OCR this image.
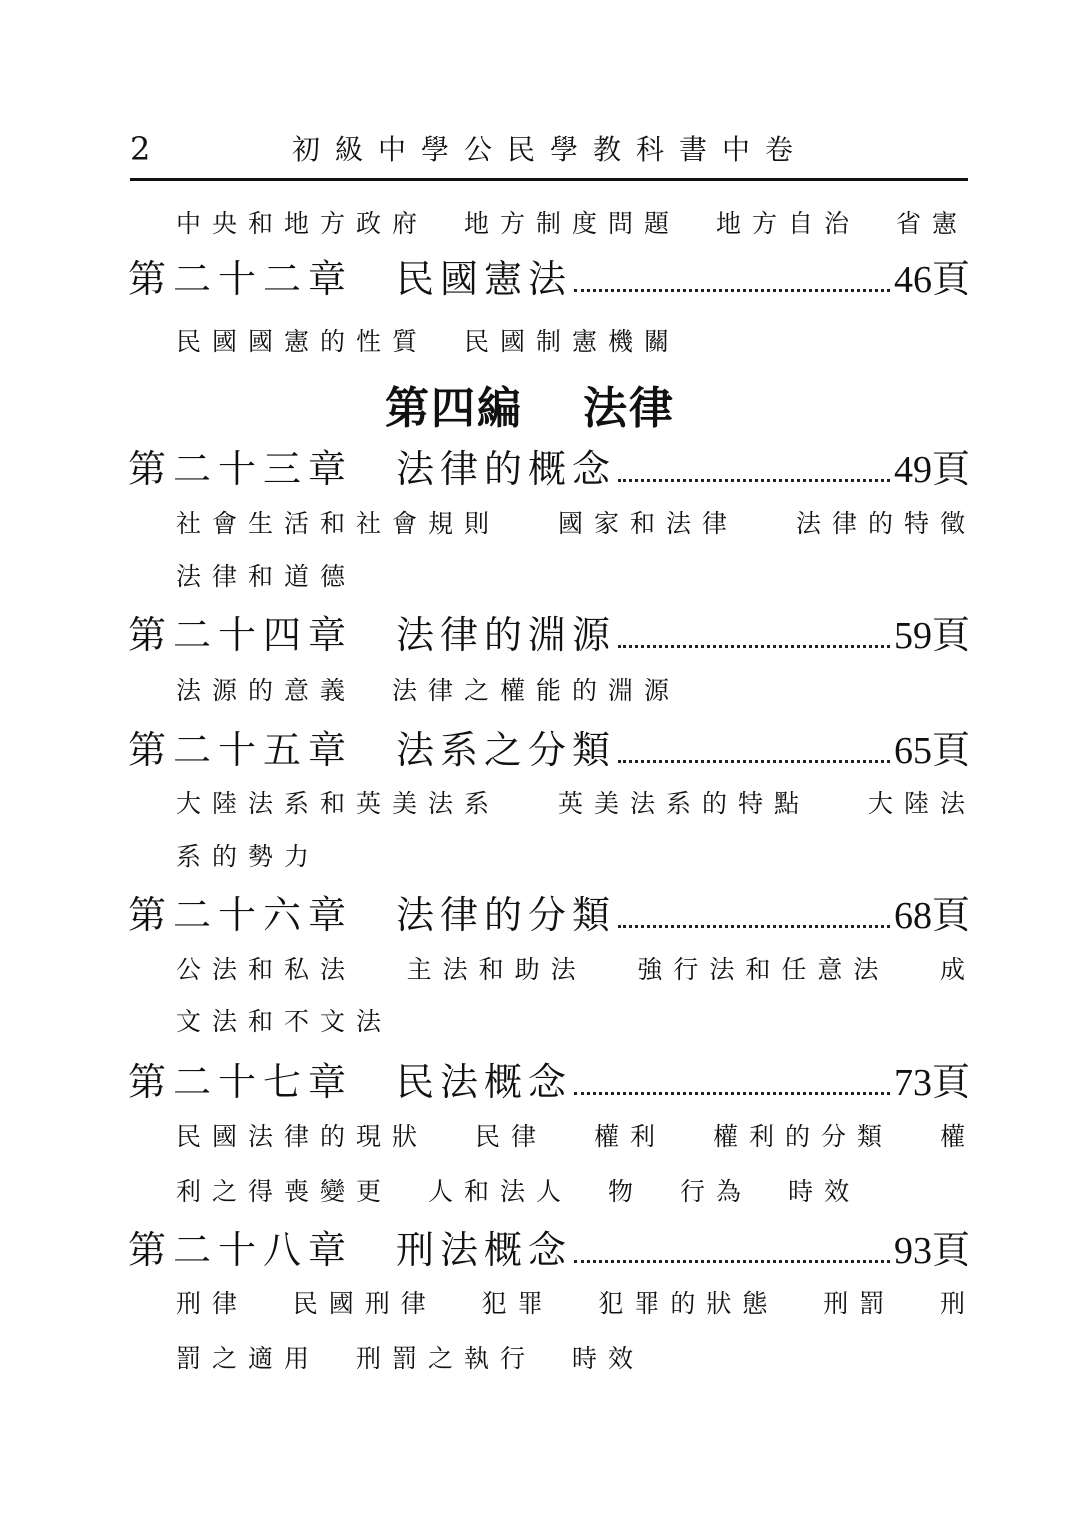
2	初級中學公民學教科書中卷
第四編 法律
中央和地方政府 地方制度問題 地方自治 省憲
第二十二章	民國憲法	46頁
民國國憲的性質 民國制憲機關
第二十三章	法律的概念	49頁
社會生活和社會規則 國家和法律 法律的特徵
法律和道德
第二十四章	法律的淵源	59頁
法源的意義 法律之權能的淵源
第二十五章	法系之分類	65頁
大陸法系和英美法系 英美法系的特點 大陸法
系的勢力
第二十六章	法律的分類	68頁
公法和私法 主法和助法 強行法和任意法 成
文法和不文法
第二十七章	民法概念	73頁
民國法律的現狀 民律 權利 權利的分類 權
利之得喪變更 人和法人 物 行為 時效
第二十八章	刑法概念	93頁
刑律 民國刑律 犯罪 犯罪的狀態 刑罰 刑
罰之適用 刑罰之執行 時效
